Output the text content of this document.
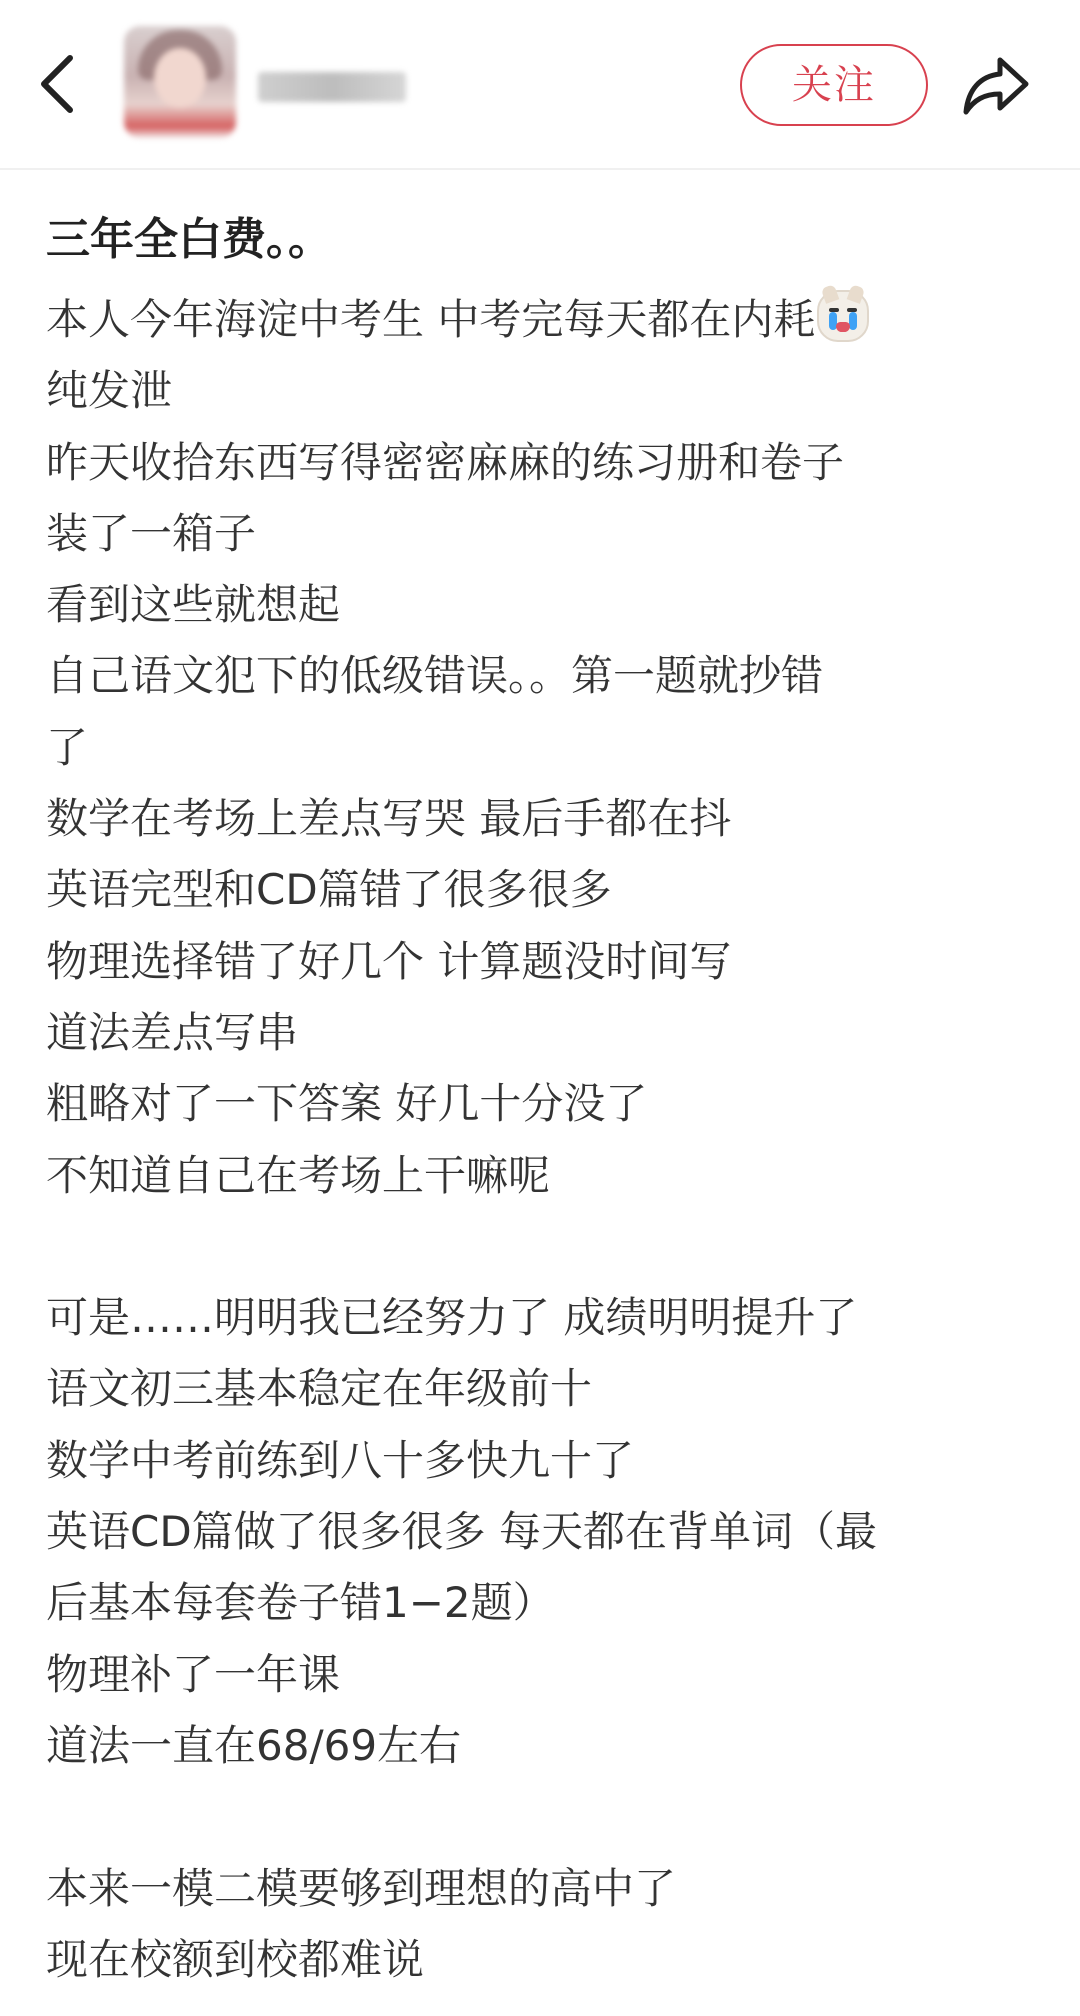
关注
三年全白费。。
本人今年海淀中考生 中考完每天都在内耗
纯发泄
昨天收拾东西写得密密麻麻的练习册和卷子
装了一箱子
看到这些就想起
自己语文犯下的低级错误。。第一题就抄错
了
数学在考场上差点写哭 最后手都在抖
英语完型和CD篇错了很多很多
物理选择错了好几个 计算题没时间写
道法差点写串
粗略对了一下答案 好几十分没了
不知道自己在考场上干嘛呢
可是……明明我已经努力了 成绩明明提升了
语文初三基本稳定在年级前十
数学中考前练到八十多快九十了
英语CD篇做了很多很多 每天都在背单词（最
后基本每套卷子错1−2题）
物理补了一年课
道法一直在68/69左右
本来一模二模要够到理想的高中了
现在校额到校都难说
